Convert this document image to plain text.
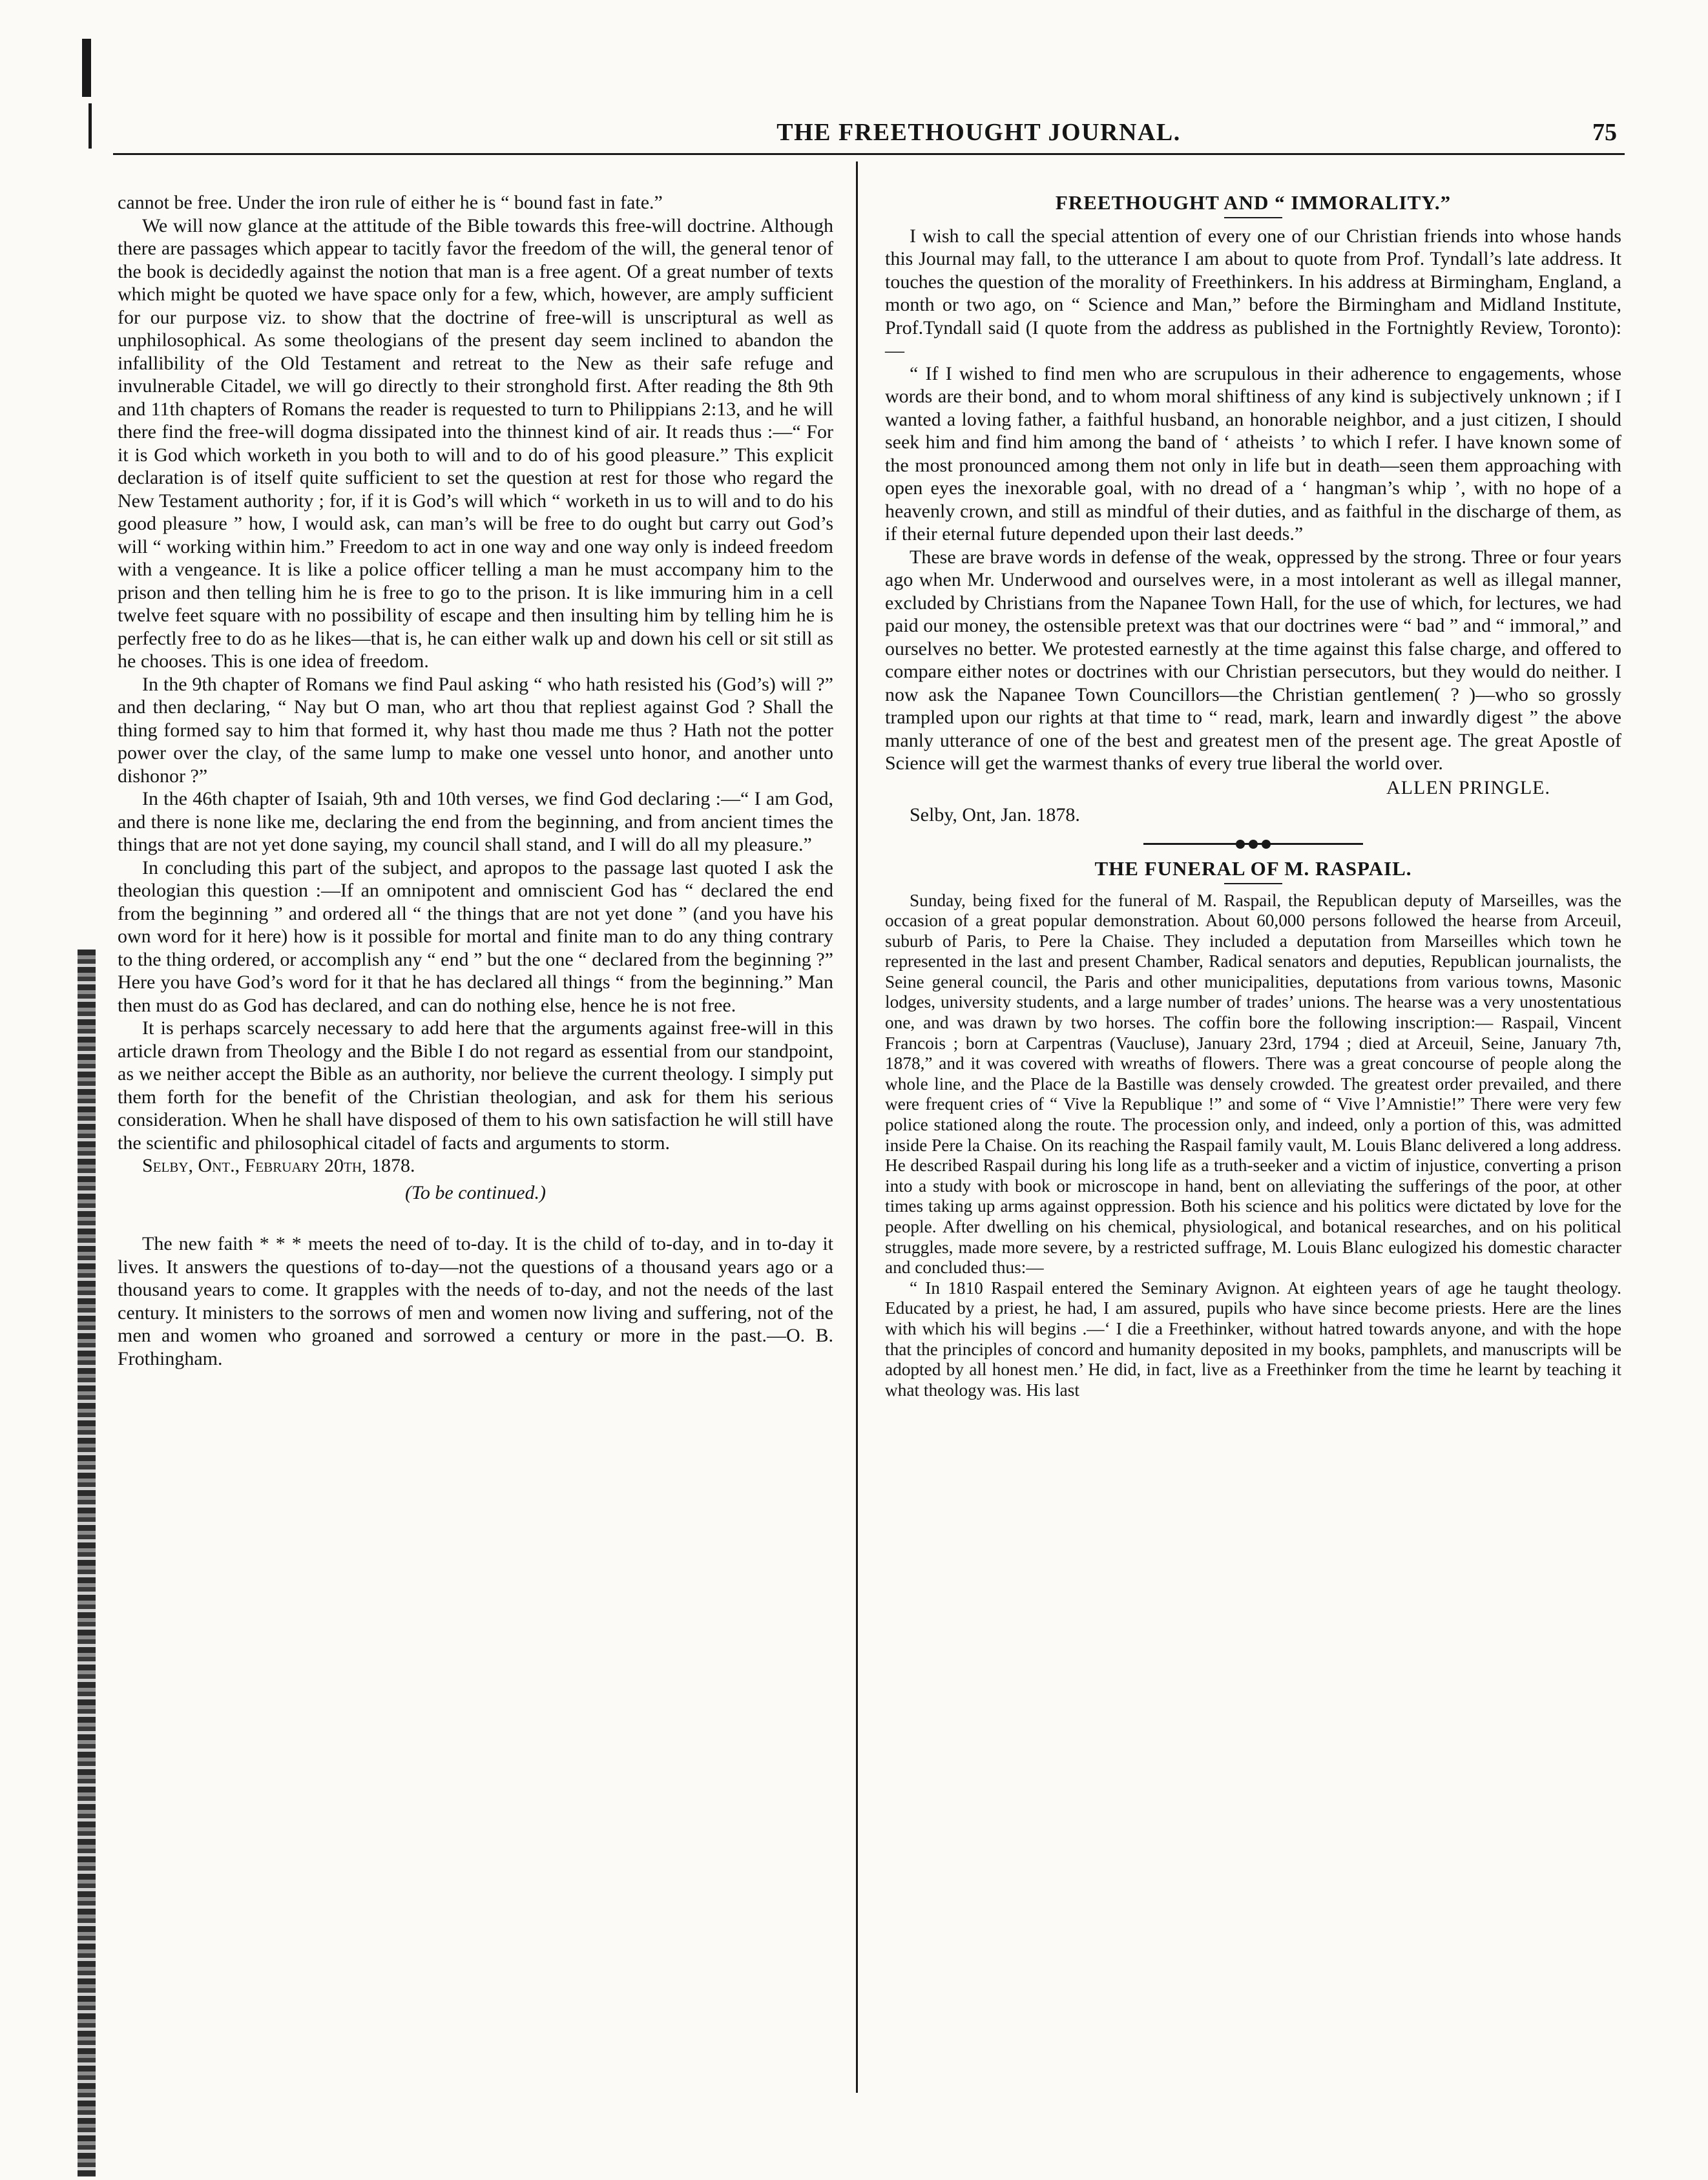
THE FREETHOUGHT JOURNAL.	75

cannot be free. Under the iron rule of either he is “ bound fast in fate.”

We will now glance at the attitude of the Bible towards this free-will doctrine. Although there are passages which appear to tacitly favor the freedom of the will, the general tenor of the book is decidedly against the notion that man is a free agent. Of a great number of texts which might be quoted we have space only for a few, which, however, are amply sufficient for our purpose viz. to show that the doctrine of free-will is unscriptural as well as unphilosophical. As some theologians of the present day seem inclined to abandon the infallibility of the Old Testament and retreat to the New as their safe refuge and invulnerable Citadel, we will go directly to their stronghold first. After reading the 8th 9th and 11th chapters of Romans the reader is requested to turn to Philippians 2:13, and he will there find the free-will dogma dissipated into the thinnest kind of air. It reads thus :—“ For it is God which worketh in you both to will and to do of his good pleasure.” This explicit declaration is of itself quite sufficient to set the question at rest for those who regard the New Testament authority ; for, if it is God’s will which “ worketh in us to will and to do his good pleasure ” how, I would ask, can man’s will be free to do ought but carry out God’s will “ working within him.” Freedom to act in one way and one way only is indeed freedom with a vengeance. It is like a police officer telling a man he must accompany him to the prison and then telling him he is free to go to the prison. It is like immuring him in a cell twelve feet square with no possibility of escape and then insulting him by telling him he is perfectly free to do as he likes—that is, he can either walk up and down his cell or sit still as he chooses. This is one idea of freedom.

In the 9th chapter of Romans we find Paul asking “ who hath resisted his (God’s) will ?” and then declaring, “ Nay but O man, who art thou that repliest against God ? Shall the thing formed say to him that formed it, why hast thou made me thus ? Hath not the potter power over the clay, of the same lump to make one vessel unto honor, and another unto dishonor ?”

In the 46th chapter of Isaiah, 9th and 10th verses, we find God declaring :—“ I am God, and there is none like me, declaring the end from the beginning, and from ancient times the things that are not yet done saying, my council shall stand, and I will do all my pleasure.”

In concluding this part of the subject, and apropos to the passage last quoted I ask the theologian this question :—If an omnipotent and omniscient God has “ declared the end from the beginning ” and ordered all “ the things that are not yet done ” (and you have his own word for it here) how is it possible for mortal and finite man to do any thing contrary to the thing ordered, or accomplish any “ end ” but the one “ declared from the beginning ?” Here you have God’s word for it that he has declared all things “ from the beginning.” Man then must do as God has declared, and can do nothing else, hence he is not free.

It is perhaps scarcely necessary to add here that the arguments against free-will in this article drawn from Theology and the Bible I do not regard as essential from our standpoint, as we neither accept the Bible as an authority, nor believe the current theology. I simply put them forth for the benefit of the Christian theologian, and ask for them his serious consideration. When he shall have disposed of them to his own satisfaction he will still have the scientific and philosophical citadel of facts and arguments to storm.

Selby, Ont., February 20th, 1878.

(To be continued.)

The new faith * * * meets the need of to-day. It is the child of to-day, and in to-day it lives. It answers the questions of to-day—not the questions of a thousand years ago or a thousand years to come. It grapples with the needs of to-day, and not the needs of the last century. It ministers to the sorrows of men and women now living and suffering, not of the men and women who groaned and sorrowed a century or more in the past.—O. B. Frothingham.

FREETHOUGHT AND “ IMMORALITY.”

I wish to call the special attention of every one of our Christian friends into whose hands this Journal may fall, to the utterance I am about to quote from Prof. Tyndall’s late address. It touches the question of the morality of Freethinkers. In his address at Birmingham, England, a month or two ago, on “ Science and Man,” before the Birmingham and Midland Institute, Prof.Tyndall said (I quote from the address as published in the Fortnightly Review, Toronto):—

“ If I wished to find men who are scrupulous in their adherence to engagements, whose words are their bond, and to whom moral shiftiness of any kind is subjectively unknown ; if I wanted a loving father, a faithful husband, an honorable neighbor, and a just citizen, I should seek him and find him among the band of ‘ atheists ’ to which I refer. I have known some of the most pronounced among them not only in life but in death—seen them approaching with open eyes the inexorable goal, with no dread of a ‘ hangman’s whip ’, with no hope of a heavenly crown, and still as mindful of their duties, and as faithful in the discharge of them, as if their eternal future depended upon their last deeds.”

These are brave words in defense of the weak, oppressed by the strong. Three or four years ago when Mr. Underwood and ourselves were, in a most intolerant as well as illegal manner, excluded by Christians from the Napanee Town Hall, for the use of which, for lectures, we had paid our money, the ostensible pretext was that our doctrines were “ bad ” and “ immoral,” and ourselves no better. We protested earnestly at the time against this false charge, and offered to compare either notes or doctrines with our Christian persecutors, but they would do neither. I now ask the Napanee Town Councillors—the Christian gentlemen( ? )—who so grossly trampled upon our rights at that time to “ read, mark, learn and inwardly digest ” the above manly utterance of one of the best and greatest men of the present age. The great Apostle of Science will get the warmest thanks of every true liberal the world over.

ALLEN PRINGLE.
Selby, Ont, Jan. 1878.
THE FUNERAL OF M. RASPAIL.

Sunday, being fixed for the funeral of M. Raspail, the Republican deputy of Marseilles, was the occasion of a great popular demonstration. About 60,000 persons followed the hearse from Arceuil, suburb of Paris, to Pere la Chaise. They included a deputation from Marseilles which town he represented in the last and present Chamber, Radical senators and deputies, Republican journalists, the Seine general council, the Paris and other municipalities, deputations from various towns, Masonic lodges, university students, and a large number of trades’ unions. The hearse was a very unostentatious one, and was drawn by two horses. The coffin bore the following inscription:— Raspail, Vincent Francois ; born at Carpentras (Vaucluse), January 23rd, 1794 ; died at Arceuil, Seine, January 7th, 1878,” and it was covered with wreaths of flowers. There was a great concourse of people along the whole line, and the Place de la Bastille was densely crowded. The greatest order prevailed, and there were frequent cries of “ Vive la Republique !” and some of “ Vive l’Amnistie!” There were very few police stationed along the route. The procession only, and indeed, only a portion of this, was admitted inside Pere la Chaise. On its reaching the Raspail family vault, M. Louis Blanc delivered a long address. He described Raspail during his long life as a truth-seeker and a victim of injustice, converting a prison into a study with book or microscope in hand, bent on alleviating the sufferings of the poor, at other times taking up arms against oppression. Both his science and his politics were dictated by love for the people. After dwelling on his chemical, physiological, and botanical researches, and on his political struggles, made more severe, by a restricted suffrage, M. Louis Blanc eulogized his domestic character and concluded thus:—

“ In 1810 Raspail entered the Seminary Avignon. At eighteen years of age he taught theology. Educated by a priest, he had, I am assured, pupils who have since become priests. Here are the lines with which his will begins .—‘ I die a Freethinker, without hatred towards anyone, and with the hope that the principles of concord and humanity deposited in my books, pamphlets, and manuscripts will be adopted by all honest men.’ He did, in fact, live as a Freethinker from the time he learnt by teaching it what theology was. His last
